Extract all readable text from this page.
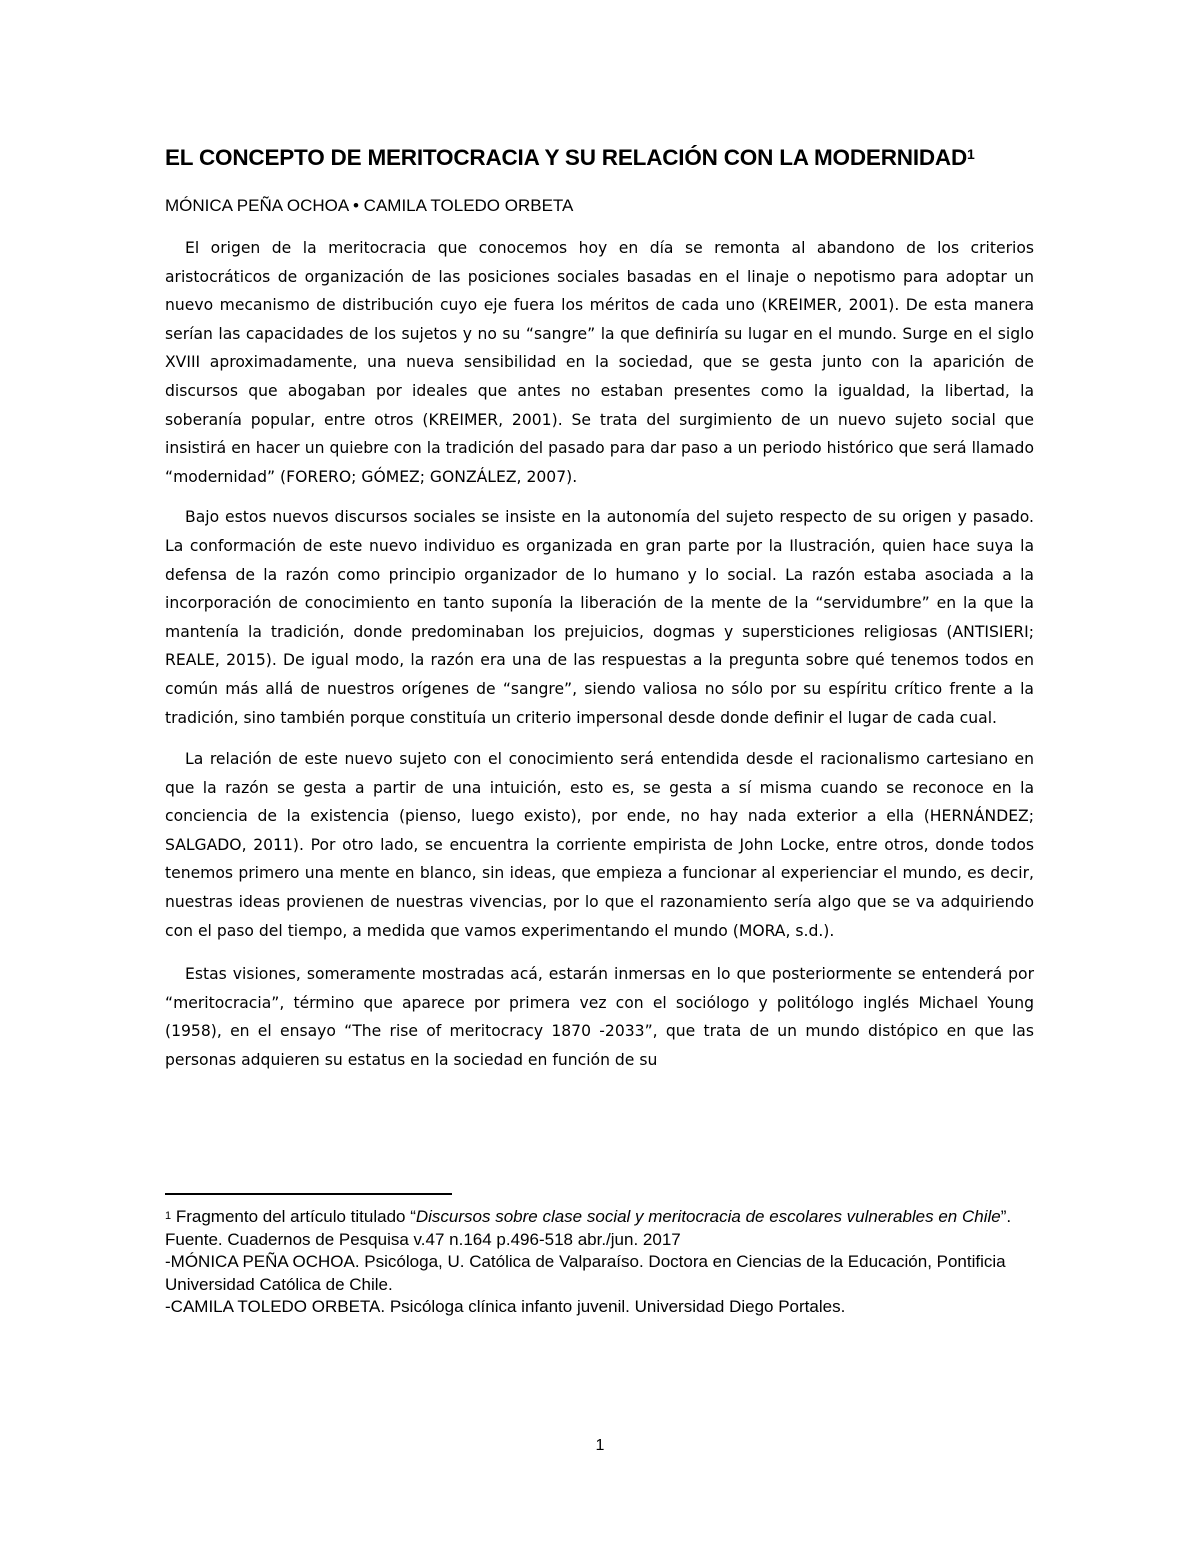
EL CONCEPTO DE MERITOCRACIA Y SU RELACIÓN CON LA MODERNIDAD$^1$
MÓNICA PEÑA OCHOA • CAMILA TOLEDO ORBETA

El origen de la meritocracia que conocemos hoy en día se remonta al abandono de los criterios aristocráticos de organización de las posiciones sociales basadas en el linaje o nepotismo para adoptar un nuevo mecanismo de distribución cuyo eje fuera los méritos de cada uno (KREIMER, 2001). De esta manera serían las capacidades de los sujetos y no su “sangre” la que definiría su lugar en el mundo. Surge en el siglo XVIII aproximadamente, una nueva sensibilidad en la sociedad, que se gesta junto con la aparición de discursos que abogaban por ideales que antes no estaban presentes como la igualdad, la libertad, la soberanía popular, entre otros (KREIMER, 2001). Se trata del surgimiento de un nuevo sujeto social que insistirá en hacer un quiebre con la tradición del pasado para dar paso a un periodo histórico que será llamado “modernidad” (FORERO; GÓMEZ; GONZÁLEZ, 2007).

Bajo estos nuevos discursos sociales se insiste en la autonomía del sujeto respecto de su origen y pasado. La conformación de este nuevo individuo es organizada en gran parte por la Ilustración, quien hace suya la defensa de la razón como principio organizador de lo humano y lo social. La razón estaba asociada a la incorporación de conocimiento en tanto suponía la liberación de la mente de la “servidumbre” en la que la mantenía la tradición, donde predominaban los prejuicios, dogmas y supersticiones religiosas (ANTISIERI; REALE, 2015). De igual modo, la razón era una de las respuestas a la pregunta sobre qué tenemos todos en común más allá de nuestros orígenes de “sangre”, siendo valiosa no sólo por su espíritu crítico frente a la tradición, sino también porque constituía un criterio impersonal desde donde definir el lugar de cada cual.

La relación de este nuevo sujeto con el conocimiento será entendida desde el racionalismo cartesiano en que la razón se gesta a partir de una intuición, esto es, se gesta a sí misma cuando se reconoce en la conciencia de la existencia (pienso, luego existo), por ende, no hay nada exterior a ella (HERNÁNDEZ; SALGADO, 2011). Por otro lado, se encuentra la corriente empirista de John Locke, entre otros, donde todos tenemos primero una mente en blanco, sin ideas, que empieza a funcionar al experienciar el mundo, es decir, nuestras ideas provienen de nuestras vivencias, por lo que el razonamiento sería algo que se va adquiriendo con el paso del tiempo, a medida que vamos experimentando el mundo (MORA, s.d.).

Estas visiones, someramente mostradas acá, estarán inmersas en lo que posteriormente se entenderá por “meritocracia”, término que aparece por primera vez con el sociólogo y politólogo inglés Michael Young (1958), en el ensayo “The rise of meritocracy 1870 -2033”, que trata de un mundo distópico en que las personas adquieren su estatus en la sociedad en función de su

$^1$ Fragmento del artículo titulado “Discursos sobre clase social y meritocracia de escolares vulnerables en Chile”. Fuente. Cuadernos de Pesquisa v.47 n.164 p.496-518 abr./jun. 2017
-MÓNICA PEÑA OCHOA. Psicóloga, U. Católica de Valparaíso. Doctora en Ciencias de la Educación, Pontificia Universidad Católica de Chile.
-CAMILA TOLEDO ORBETA. Psicóloga clínica infanto juvenil. Universidad Diego Portales.
1
